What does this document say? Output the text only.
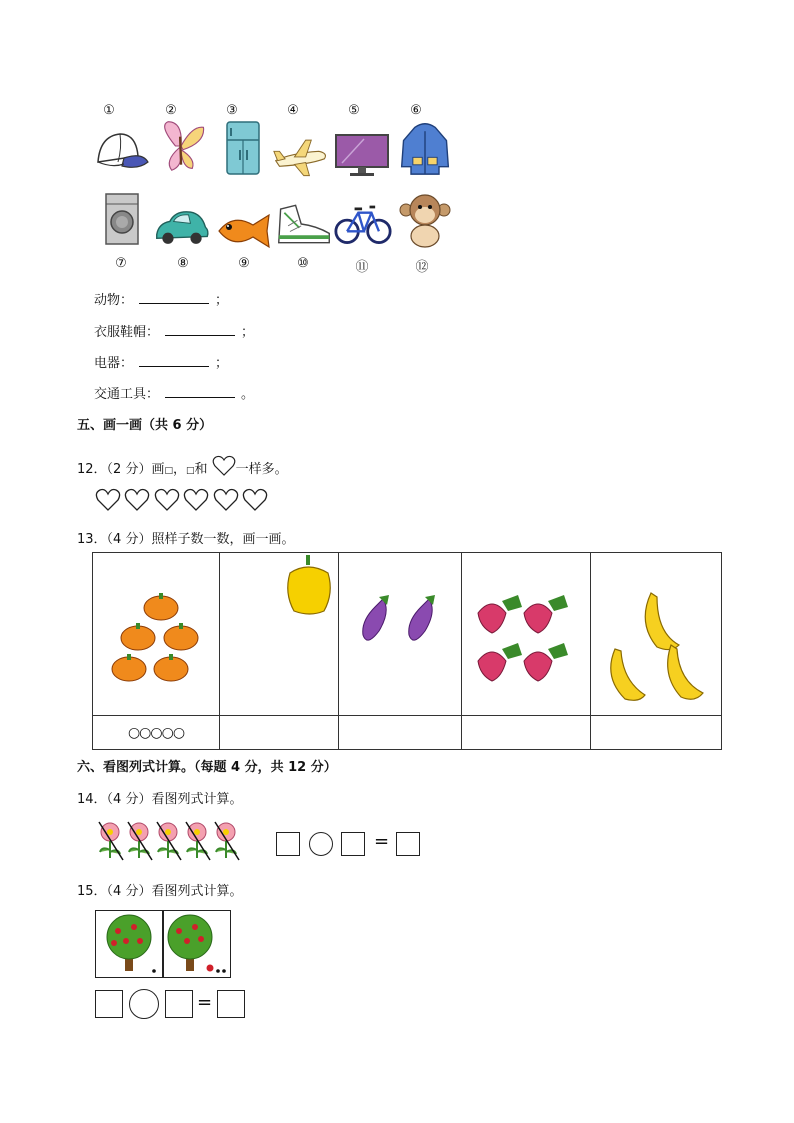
①	②	③	④	⑤	⑥
⑦	⑧	⑨	⑩	⑪	⑫
动物：	；
衣服鞋帽：	；
电器：	；
交通工具：	。
五、画一画（共 6 分）
12．（2 分）画□，□和 一样多。
13．（4 分）照样子数一数，画一画。

○○○○○				
六、看图列式计算。（每题 4 分，共 12 分）
14．（4 分）看图列式计算。
=
15．（4 分）看图列式计算。
=
